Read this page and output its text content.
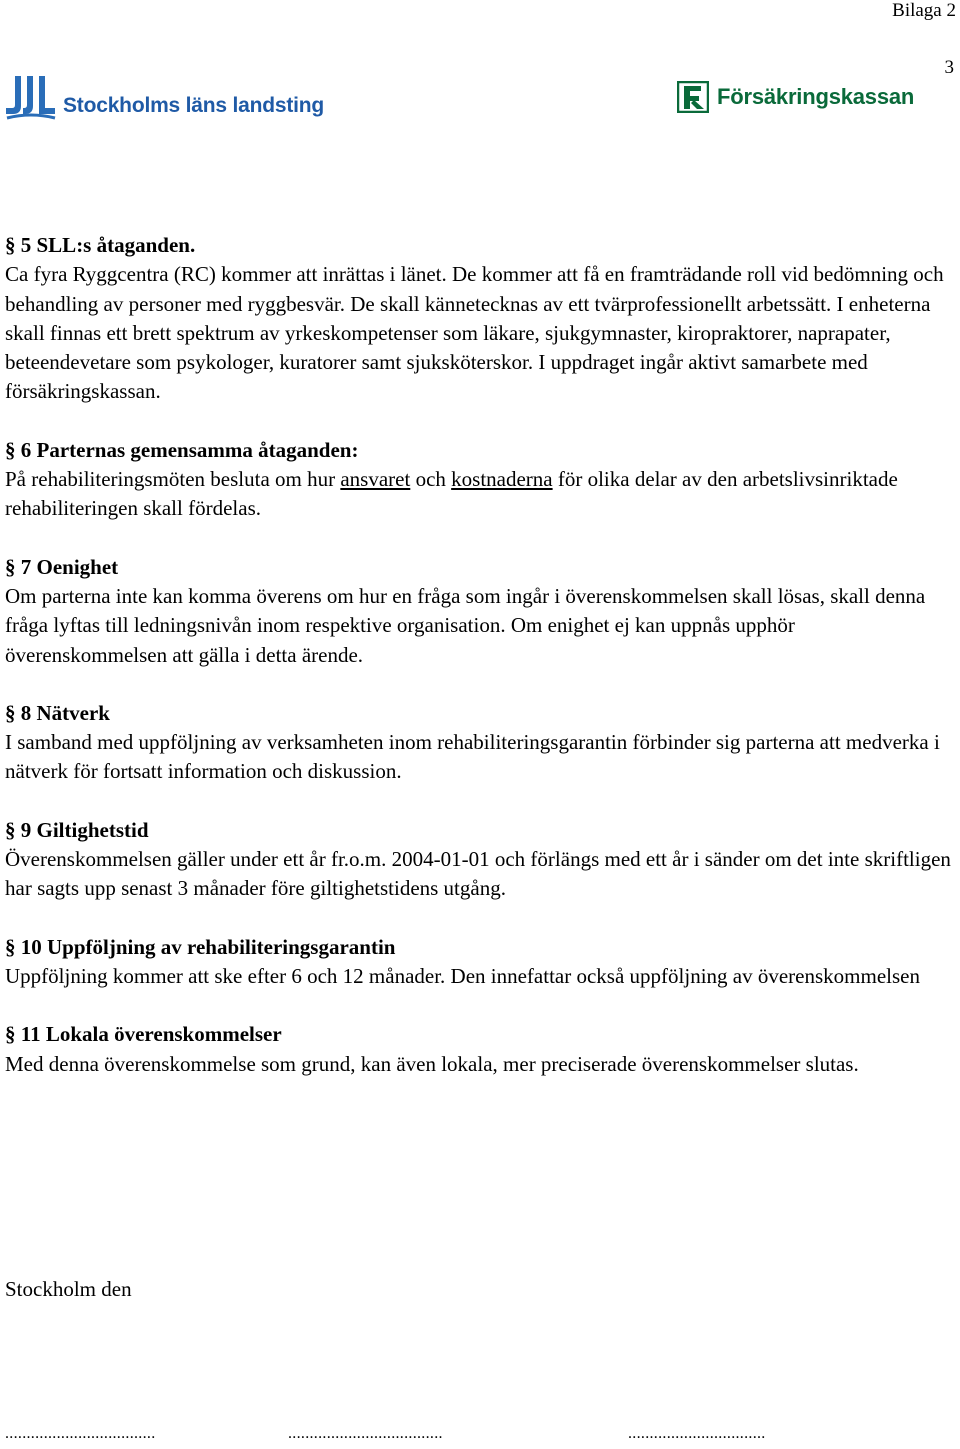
Bilaga 2
3
Stockholms läns landsting	Försäkringskassan
§ 5 SLL:s åtaganden.
Ca fyra Ryggcentra (RC) kommer att inrättas i länet. De kommer att få en framträdande roll vid bedömning och behandling av personer med ryggbesvär. De skall kännetecknas av ett tvärprofessionellt arbetssätt. I enheterna skall finnas ett brett spektrum av yrkeskompetenser som läkare, sjukgymnaster, kiropraktorer, naprapater, beteendevetare som psykologer, kuratorer samt sjuksköterskor. I uppdraget ingår aktivt samarbete med försäkringskassan.
§ 6 Parternas gemensamma åtaganden:
På rehabiliteringsmöten besluta om hur ansvaret och kostnaderna för olika delar av den arbetslivsinriktade rehabiliteringen skall fördelas.
§ 7 Oenighet
Om parterna inte kan komma överens om hur en fråga som ingår i överenskommelsen skall lösas, skall denna fråga lyftas till ledningsnivån inom respektive organisation. Om enighet ej kan uppnås upphör överenskommelsen att gälla i detta ärende.
§ 8 Nätverk
I samband med uppföljning av verksamheten inom rehabiliteringsgarantin förbinder sig parterna att medverka i nätverk för fortsatt information och diskussion.
§ 9 Giltighetstid
Överenskommelsen gäller under ett år fr.o.m. 2004-01-01 och förlängs med ett år i sänder om det inte skriftligen har sagts upp senast 3 månader före giltighetstidens utgång.
§ 10 Uppföljning av rehabiliteringsgarantin
Uppföljning kommer att ske efter 6 och 12 månader. Den innefattar också uppföljning av överenskommelsen
§ 11 Lokala överenskommelser
Med denna överenskommelse som grund, kan även lokala, mer preciserade överenskommelser slutas.
Stockholm den
...................................	....................................	................................
